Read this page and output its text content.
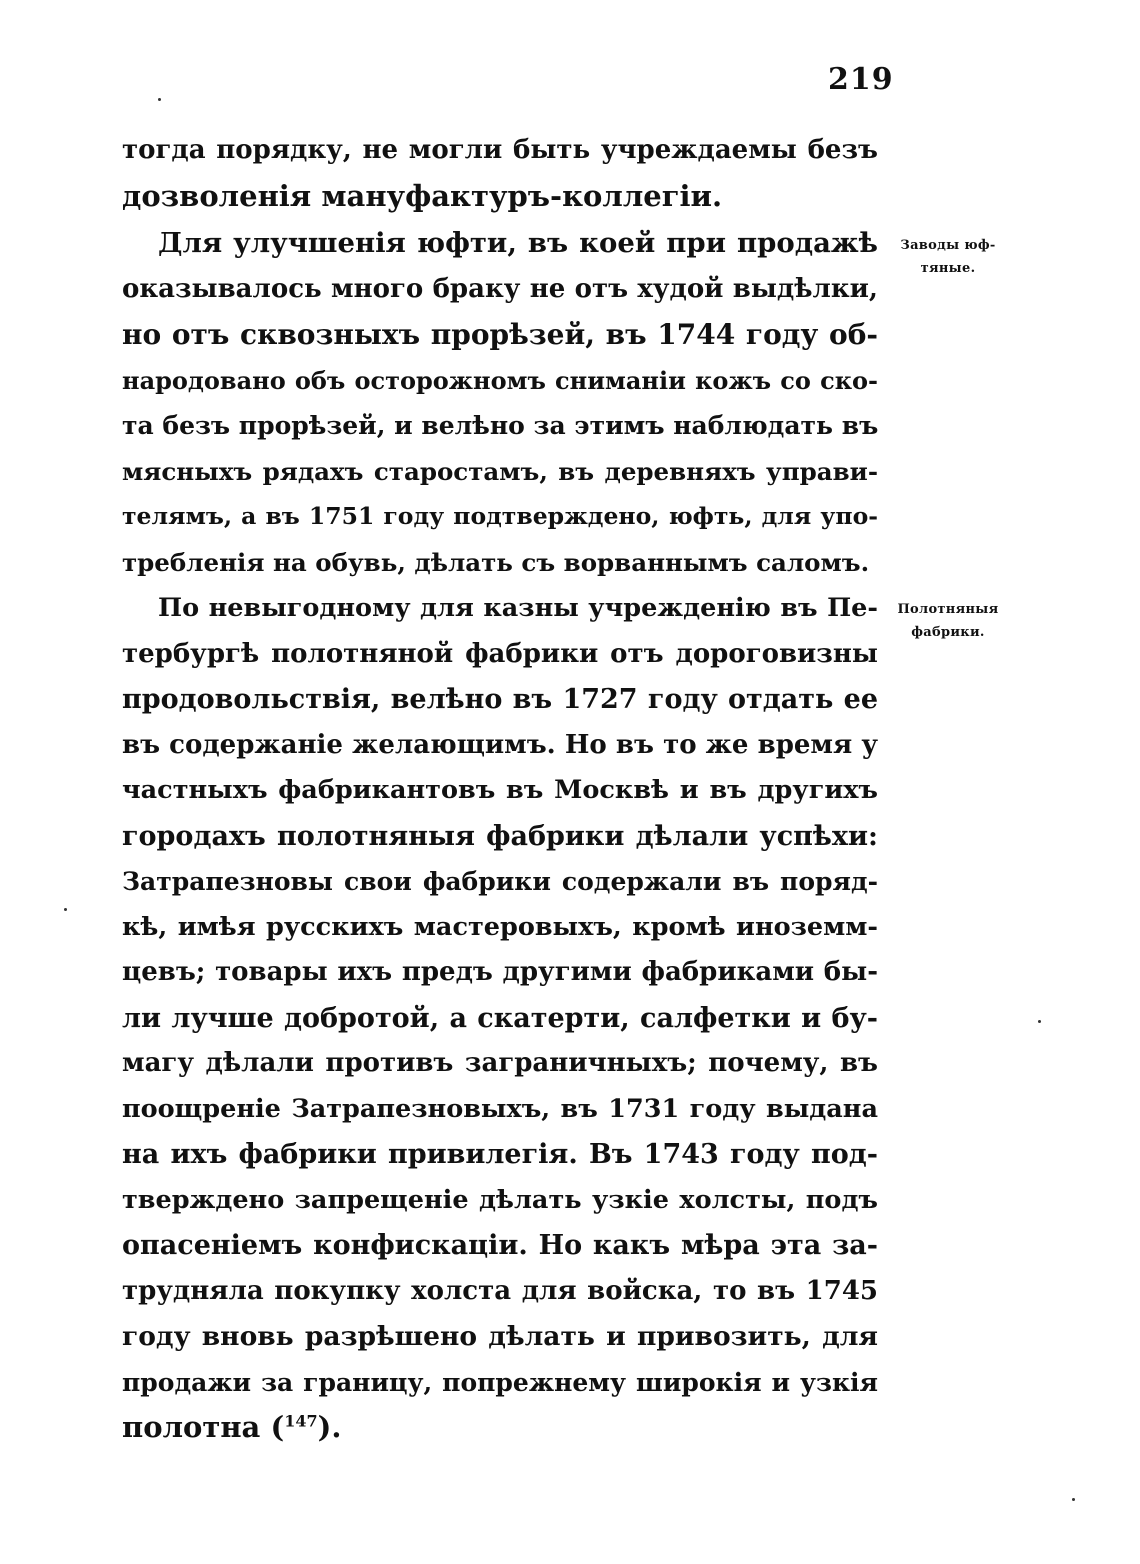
219
тогда порядку, не могли быть учреждаемы безъ
дозволенія мануфактуръ-коллегіи.
Для улучшенія юфти, въ коей при продажѣ
оказывалось много браку не отъ худой выдѣлки,
но отъ сквозныхъ прорѣзей, въ 1744 году об-
народовано объ осторожномъ сниманіи кожъ со ско-
та безъ прорѣзей, и велѣно за этимъ наблюдать въ
мясныхъ рядахъ старостамъ, въ деревняхъ управи-
телямъ, а въ 1751 году подтверждено, юфть, для упо-
требленія на обувь, дѣлать съ ворваннымъ саломъ.
По невыгодному для казны учрежденію въ Пе-
тербургѣ полотняной фабрики отъ дороговизны
продовольствія, велѣно въ 1727 году отдать ее
въ содержаніе желающимъ. Но въ то же время у
частныхъ фабрикантовъ въ Москвѣ и въ другихъ
городахъ полотняныя фабрики дѣлали успѣхи:
Затрапезновы свои фабрики содержали въ поряд-
кѣ, имѣя русскихъ мастеровыхъ, кромѣ иноземм-
цевъ; товары ихъ предъ другими фабриками бы-
ли лучше добротой, а скатерти, салфетки и бу-
магу дѣлали противъ заграничныхъ; почему, въ
поощреніе Затрапезновыхъ, въ 1731 году выдана
на ихъ фабрики привилегія. Въ 1743 году под-
тверждено запрещеніе дѣлать узкіе холсты, подъ
опасеніемъ конфискаціи. Но какъ мѣра эта за-
трудняла покупку холста для войска, то въ 1745
году вновь разрѣшено дѣлать и привозить, для
продажи за границу, попрежнему широкія и узкія
полотна ($^{147}$).
Заводы юф-
тяные.
Полотняныя
фабрики.
